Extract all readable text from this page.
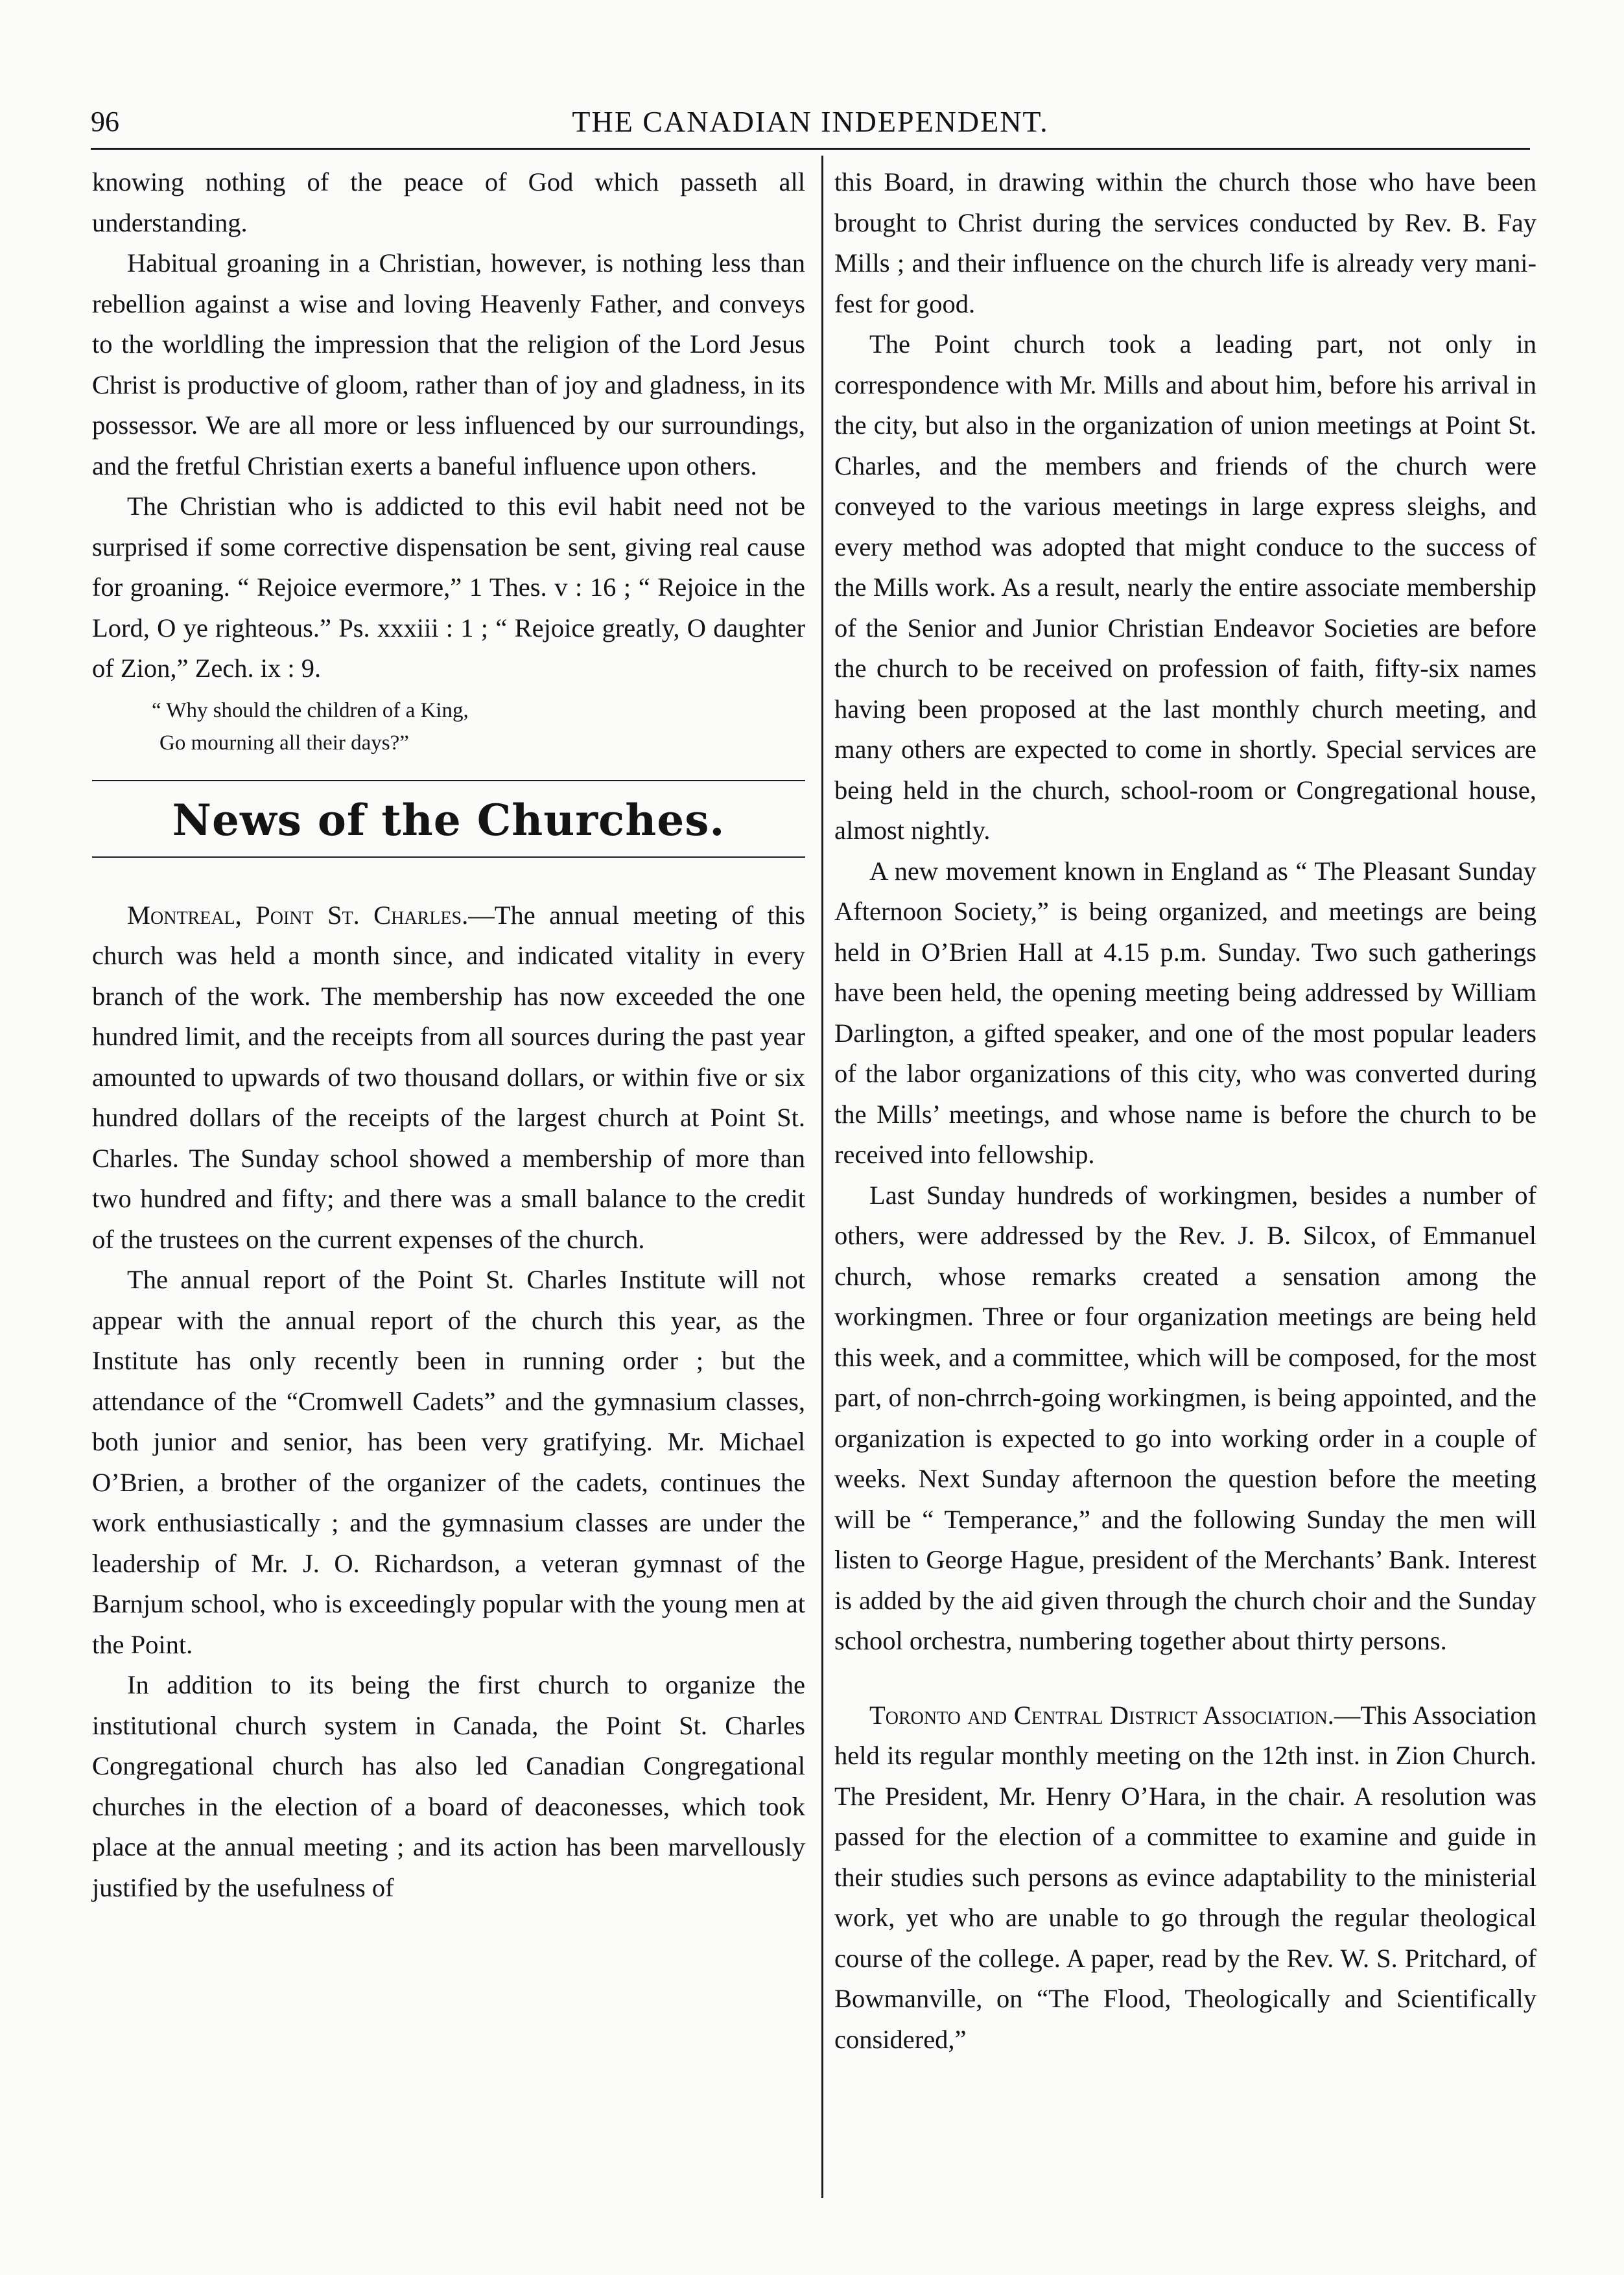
96	THE CANADIAN INDEPENDENT.

knowing nothing of the peace of God which passeth all understanding.

Habitual groaning in a Christian, however, is nothing less than rebellion against a wise and loving Heavenly Father, and conveys to the worldling the impression that the religion of the Lord Jesus Christ is productive of gloom, rather than of joy and gladness, in its possessor. We are all more or less influenced by our surroundings, and the fretful Christian exerts a baneful influence upon others.

The Christian who is addicted to this evil habit need not be surprised if some corrective dispensation be sent, giving real cause for groaning. “ Rejoice evermore,” 1 Thes. v : 16 ; “ Rejoice in the Lord, O ye righteous.” Ps. xxxiii : 1 ; “ Rejoice greatly, O daughter of Zion,” Zech. ix : 9.

“ Why should the children of a King,
Go mourning all their days?”
News of the Churches.

Montreal, Point St. Charles.—The annual meeting of this church was held a month since, and indicated vitality in every branch of the work. The membership has now exceeded the one hundred limit, and the receipts from all sources during the past year amounted to upwards of two thousand dollars, or within five or six hundred dollars of the receipts of the largest church at Point St. Charles. The Sunday school showed a membership of more than two hundred and fifty; and there was a small balance to the credit of the trustees on the current expenses of the church.

The annual report of the Point St. Charles Institute will not appear with the annual report of the church this year, as the Institute has only recently been in running order ; but the attendance of the “Cromwell Cadets” and the gymnasium classes, both junior and senior, has been very gratifying. Mr. Michael O’Brien, a brother of the organizer of the cadets, continues the work enthusiastically ; and the gymnasium classes are under the leadership of Mr. J. O. Richardson, a veteran gymnast of the Barnjum school, who is exceedingly popular with the young men at the Point.

In addition to its being the first church to organize the institutional church system in Canada, the Point St. Charles Congregational church has also led Canadian Congregational churches in the election of a board of deaconesses, which took place at the annual meeting ; and its action has been marvellously justified by the usefulness of

this Board, in drawing within the church those who have been brought to Christ during the services conducted by Rev. B. Fay Mills ; and their influence on the church life is already very manifest for good.

The Point church took a leading part, not only in correspondence with Mr. Mills and about him, before his arrival in the city, but also in the organization of union meetings at Point St. Charles, and the members and friends of the church were conveyed to the various meetings in large express sleighs, and every method was adopted that might conduce to the success of the Mills work. As a result, nearly the entire associate membership of the Senior and Junior Christian Endeavor Societies are before the church to be received on profession of faith, fifty-six names having been proposed at the last monthly church meeting, and many others are expected to come in shortly. Special services are being held in the church, school-room or Congregational house, almost nightly.

A new movement known in England as “ The Pleasant Sunday Afternoon Society,” is being organized, and meetings are being held in O’Brien Hall at 4.15 p.m. Sunday. Two such gatherings have been held, the opening meeting being addressed by William Darlington, a gifted speaker, and one of the most popular leaders of the labor organizations of this city, who was converted during the Mills’ meetings, and whose name is before the church to be received into fellowship.

Last Sunday hundreds of workingmen, besides a number of others, were addressed by the Rev. J. B. Silcox, of Emmanuel church, whose remarks created a sensation among the workingmen. Three or four organization meetings are being held this week, and a committee, which will be composed, for the most part, of non-chrrch-going workingmen, is being appointed, and the organization is expected to go into working order in a couple of weeks. Next Sunday afternoon the question before the meeting will be “ Temperance,” and the following Sunday the men will listen to George Hague, president of the Merchants’ Bank. Interest is added by the aid given through the church choir and the Sunday school orchestra, numbering together about thirty persons.

Toronto and Central District Association.—This Association held its regular monthly meeting on the 12th inst. in Zion Church. The President, Mr. Henry O’Hara, in the chair. A resolution was passed for the election of a committee to examine and guide in their studies such persons as evince adaptability to the ministerial work, yet who are unable to go through the regular theological course of the college. A paper, read by the Rev. W. S. Pritchard, of Bowmanville, on “The Flood, Theologically and Scientifically considered,”
